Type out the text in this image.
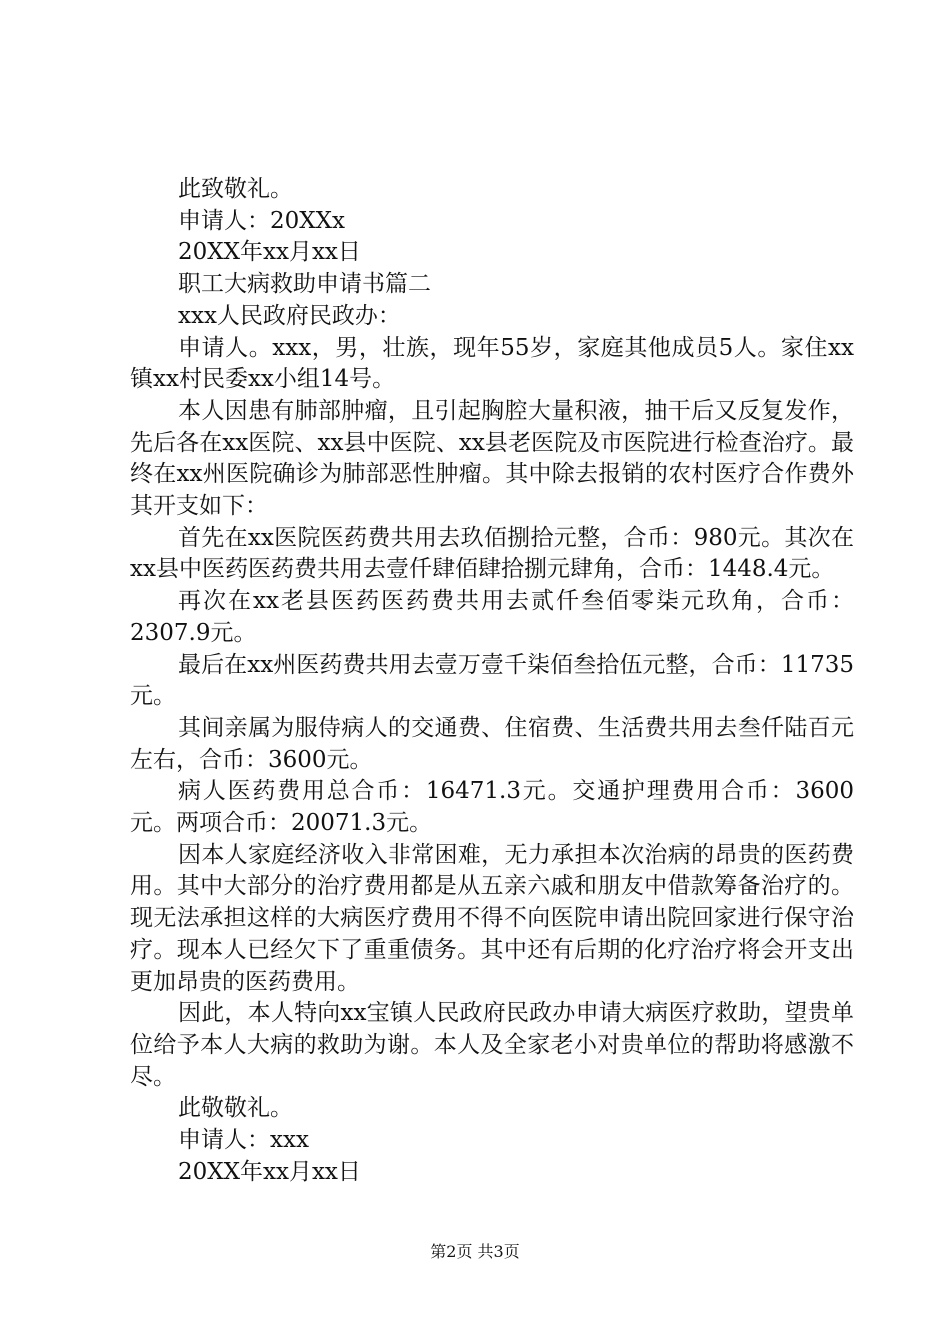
此致敬礼。

申请人：20XXx

20XX年xx月xx日

职工大病救助申请书篇二

xxx人民政府民政办：

申请人。xxx，男，壮族，现年55岁，家庭其他成员5人。家住xx镇xx村民委xx小组14号。

本人因患有肺部肿瘤，且引起胸腔大量积液，抽干后又反复发作，先后各在xx医院、xx县中医院、xx县老医院及市医院进行检查治疗。最终在xx州医院确诊为肺部恶性肿瘤。其中除去报销的农村医疗合作费外其开支如下：

首先在xx医院医药费共用去玖佰捌拾元整，合币：980元。其次在xx县中医药医药费共用去壹仟肆佰肆拾捌元肆角，合币：1448.4元。

再次在xx老县医药医药费共用去贰仟叁佰零柒元玖角，合币：2307.9元。

最后在xx州医药费共用去壹万壹千柒佰叁拾伍元整，合币：11735元。

其间亲属为服侍病人的交通费、住宿费、生活费共用去叁仟陆百元左右，合币：3600元。

病人医药费用总合币：16471.3元。交通护理费用合币：3600元。两项合币：20071.3元。

因本人家庭经济收入非常困难，无力承担本次治病的昂贵的医药费用。其中大部分的治疗费用都是从五亲六戚和朋友中借款筹备治疗的。现无法承担这样的大病医疗费用不得不向医院申请出院回家进行保守治疗。现本人已经欠下了重重债务。其中还有后期的化疗治疗将会开支出更加昂贵的医药费用。

因此，本人特向xx宝镇人民政府民政办申请大病医疗救助，望贵单位给予本人大病的救助为谢。本人及全家老小对贵单位的帮助将感激不尽。

此敬敬礼。

申请人：xxx

20XX年xx月xx日

第2页 共3页
